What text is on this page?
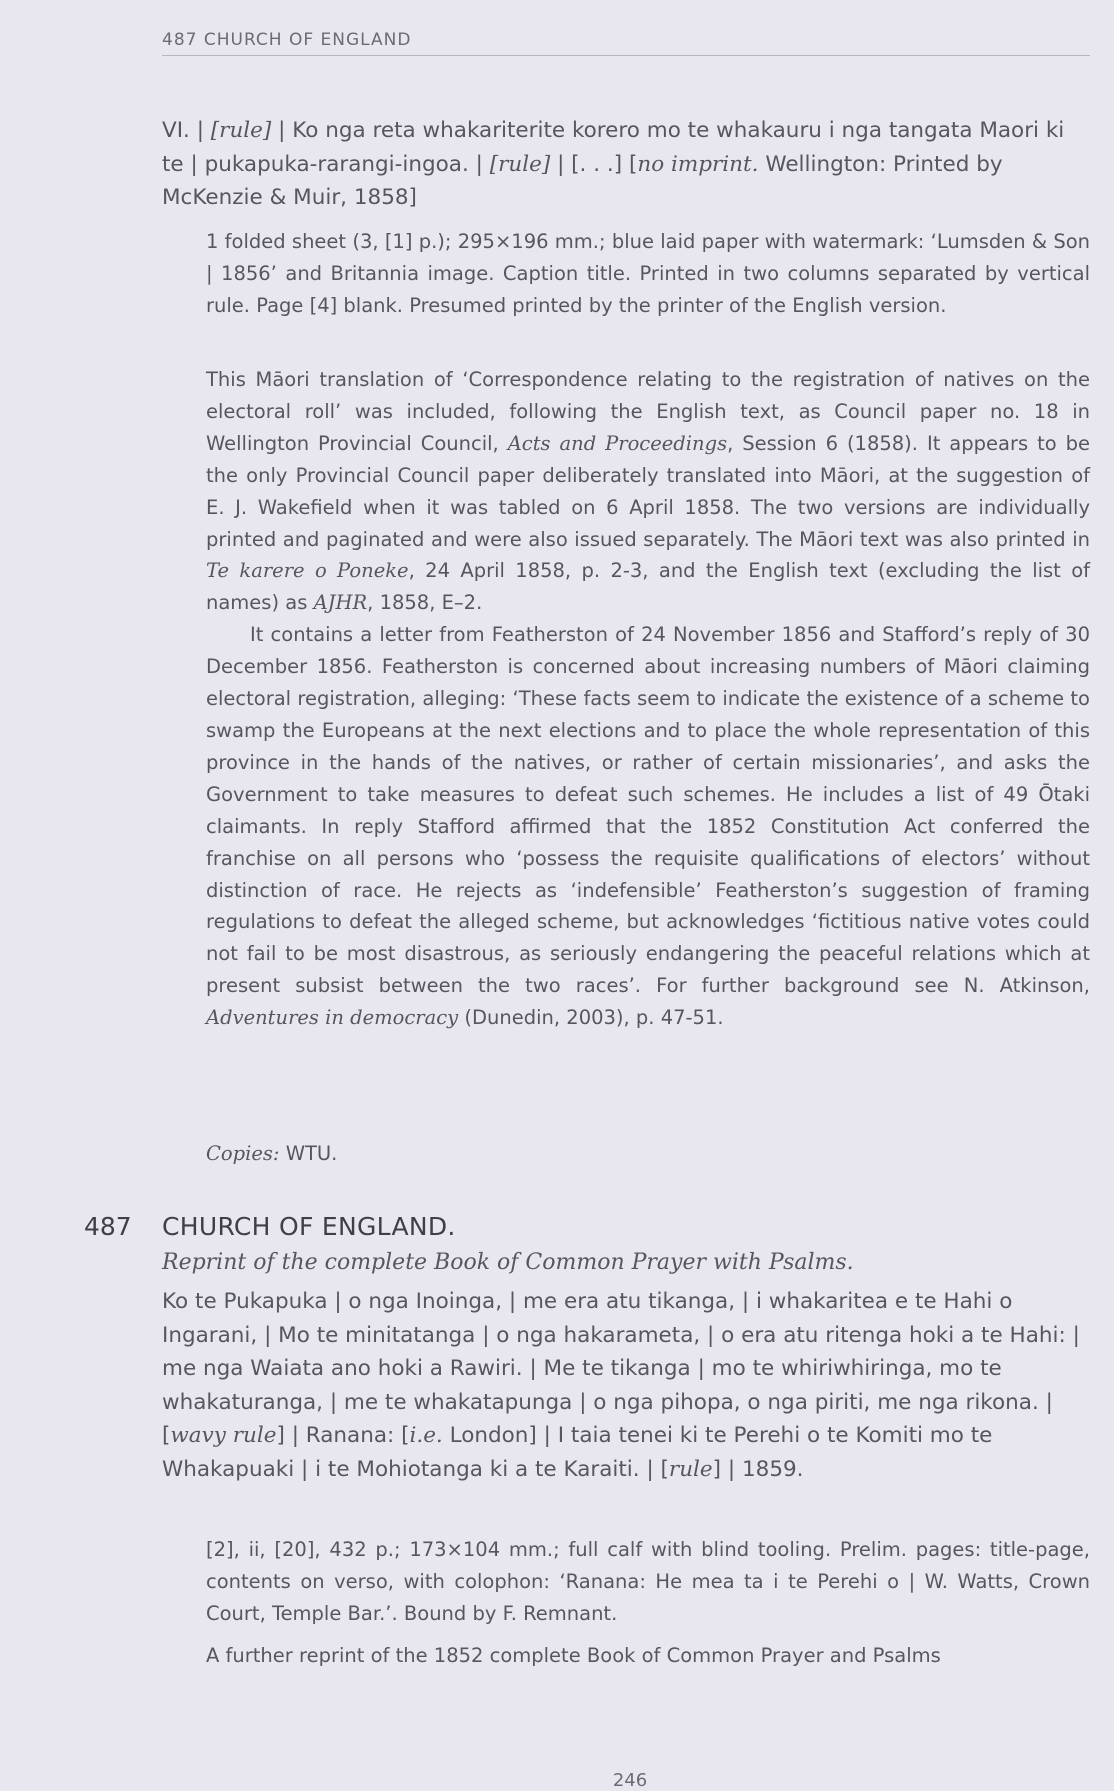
487 CHURCH OF ENGLAND

VI. | [rule] | Ko nga reta whakariterite korero mo te whakauru i nga tangata Maori ki te | pukapuka-rarangi-ingoa. | [rule] | [. . .] [no imprint. Wellington: Printed by McKenzie & Muir, 1858]

1 folded sheet (3, [1] p.); 295×196 mm.; blue laid paper with watermark: ‘Lumsden & Son | 1856’ and Britannia image. Caption title. Printed in two columns separated by vertical rule. Page [4] blank. Presumed printed by the printer of the English version.

This Māori translation of ‘Correspondence relating to the registration of natives on the electoral roll’ was included, following the English text, as Council paper no. 18 in Wellington Provincial Council, Acts and Proceedings, Session 6 (1858). It appears to be the only Provincial Council paper deliberately translated into Māori, at the suggestion of E. J. Wakefield when it was tabled on 6 April 1858. The two versions are individually printed and paginated and were also issued separately. The Māori text was also printed in Te karere o Poneke, 24 April 1858, p. 2-3, and the English text (excluding the list of names) as AJHR, 1858, E–2.

It contains a letter from Featherston of 24 November 1856 and Stafford’s reply of 30 December 1856. Featherston is concerned about increasing numbers of Māori claiming electoral registration, alleging: ‘These facts seem to indicate the existence of a scheme to swamp the Europeans at the next elections and to place the whole representation of this province in the hands of the natives, or rather of certain missionaries’, and asks the Government to take measures to defeat such schemes. He includes a list of 49 Ōtaki claimants. In reply Stafford affirmed that the 1852 Constitution Act conferred the franchise on all persons who ‘possess the requisite qualifications of electors’ without distinction of race. He rejects as ‘indefensible’ Featherston’s suggestion of framing regulations to defeat the alleged scheme, but acknowledges ‘fictitious native votes could not fail to be most disastrous, as seriously endangering the peaceful relations which at present subsist between the two races’. For further background see N. Atkinson, Adventures in democracy (Dunedin, 2003), p. 47-51.

Copies: WTU.

487 CHURCH OF ENGLAND.
Reprint of the complete Book of Common Prayer with Psalms.

Ko te Pukapuka | o nga Inoinga, | me era atu tikanga, | i whakaritea e te Hahi o Ingarani, | Mo te minitatanga | o nga hakarameta, | o era atu ritenga hoki a te Hahi: | me nga Waiata ano hoki a Rawiri. | Me te tikanga | mo te whiriwhiringa, mo te whakaturanga, | me te whakatapunga | o nga pihopa, o nga piriti, me nga rikona. | [wavy rule] | Ranana: [i.e. London] | I taia tenei ki te Perehi o te Komiti mo te Whakapuaki | i te Mohiotanga ki a te Karaiti. | [rule] | 1859.

[2], ii, [20], 432 p.; 173×104 mm.; full calf with blind tooling. Prelim. pages: title-page, contents on verso, with colophon: ‘Ranana: He mea ta i te Perehi o | W. Watts, Crown Court, Temple Bar.’. Bound by F. Remnant.

A further reprint of the 1852 complete Book of Common Prayer and Psalms

246
